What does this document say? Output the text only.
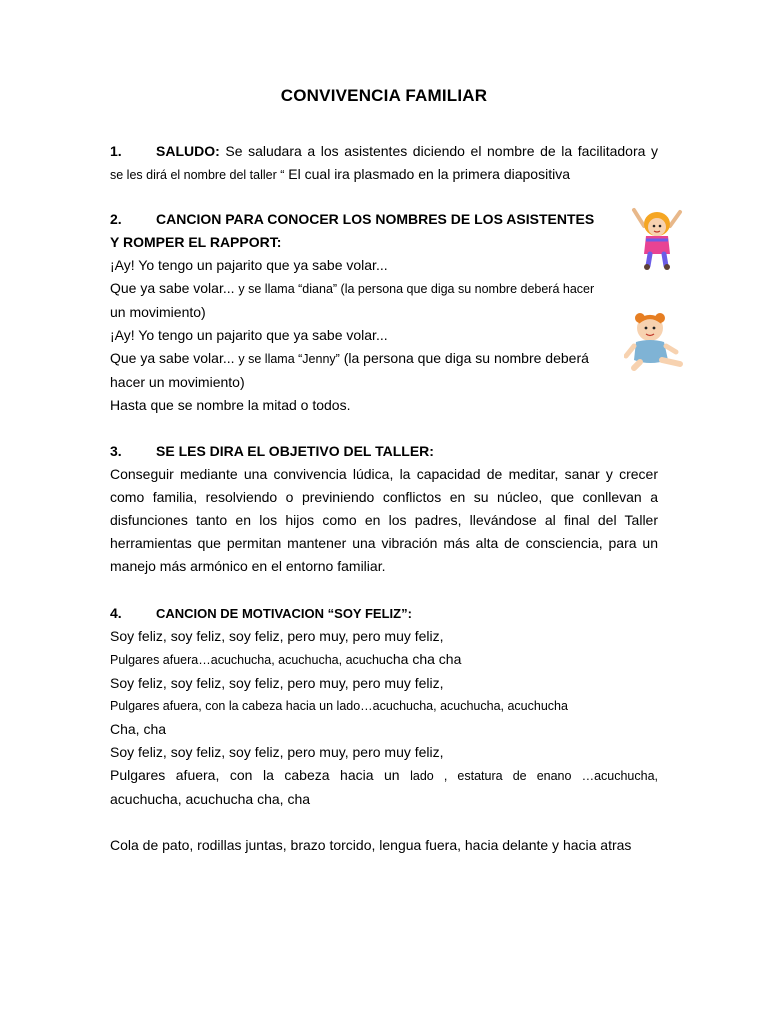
CONVIVENCIA FAMILIAR
1. SALUDO: Se saludara a los asistentes diciendo el nombre de la facilitadora y
se les dirá el nombre del taller “ El cual ira plasmado en la primera diapositiva
2. CANCION PARA CONOCER LOS NOMBRES DE LOS ASISTENTES
Y ROMPER EL RAPPORT:
¡Ay! Yo tengo un pajarito que ya sabe volar...
Que ya sabe volar... y se llama “diana” (la persona que diga su nombre deberá hacer
un movimiento)
¡Ay! Yo tengo un pajarito que ya sabe volar...
Que ya sabe volar... y se llama “Jenny” (la persona que diga su nombre deberá
hacer un movimiento)
Hasta que se nombre la mitad o todos.
3. SE LES DIRA EL OBJETIVO DEL TALLER:
Conseguir mediante una convivencia lúdica, la capacidad de meditar, sanar y crecer
como familia, resolviendo o previniendo conflictos en su núcleo, que conllevan a
disfunciones tanto en los hijos como en los padres, llevándose al final del Taller
herramientas que permitan mantener una vibración más alta de consciencia, para un
manejo más armónico en el entorno familiar.
4.	CANCION DE MOTIVACION “SOY FELIZ”:
Soy feliz, soy feliz, soy feliz, pero muy, pero muy feliz,
Pulgares afuera…acuchucha, acuchucha, acuchucha cha cha
Soy feliz, soy feliz, soy feliz, pero muy, pero muy feliz,
Pulgares afuera, con la cabeza hacia un lado…acuchucha, acuchucha, acuchucha
Cha, cha
Soy feliz, soy feliz, soy feliz, pero muy, pero muy feliz,
Pulgares afuera, con la cabeza hacia un lado , estatura de enano …acuchucha,
acuchucha, acuchucha cha, cha
Cola de pato, rodillas juntas, brazo torcido, lengua fuera, hacia delante y hacia atras
